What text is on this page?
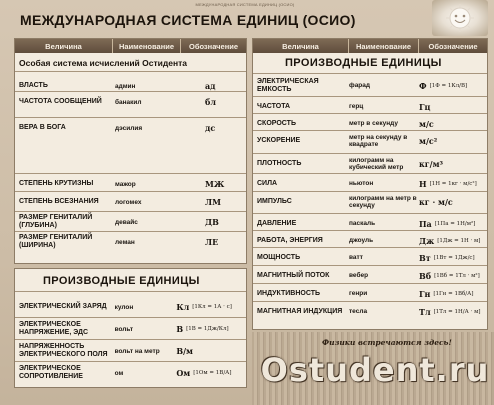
МЕЖДУНАРОДНАЯ СИСТЕМА ЕДИНИЦ (ОСИО)
МЕЖДУНАРОДНАЯ СИСТЕМА ЕДИНИЦ (ОСИО)
Величина	Наименование	Обозначение
Особая система исчислений Остидента
ВЛАСТЬ	админ	ад
ЧАСТОТА СООБЩЕНИЙ	банакил	бл
ВЕРА В БОГА	дэсилия	дс
СТЕПЕНЬ КРУТИЗНЫ	мажор	МЖ
СТЕПЕНЬ ВСЕЗНАНИЯ	логомех	ЛМ
РАЗМЕР ГЕНИТАЛИЙ (ГЛУБИНА)	девайс	ДВ
РАЗМЕР ГЕНИТАЛИЙ (ШИРИНА)	леман	ЛЕ
ПРОИЗВОДНЫЕ ЕДИНИЦЫ
ЭЛЕКТРИЧЕСКИЙ ЗАРЯД	кулон	Кл [1Кл = 1А · с]
ЭЛЕКТРИЧЕСКОЕ НАПРЯЖЕНИЕ, ЭДС	вольт	В [1В = 1Дж/Кл]
НАПРЯЖЕННОСТЬ ЭЛЕКТРИЧЕСКОГО ПОЛЯ	вольт на метр	В/м
ЭЛЕКТРИЧЕСКОЕ СОПРОТИВЛЕНИЕ	ом	Ом [1Ом = 1В/А]
Величина	Наименование	Обозначение
ПРОИЗВОДНЫЕ ЕДИНИЦЫ
ЭЛЕКТРИЧЕСКАЯ ЕМКОСТЬ	фарад	Ф [1Ф = 1Кл/В]
ЧАСТОТА	герц	Гц
СКОРОСТЬ	метр в секунду	м/с
УСКОРЕНИЕ	метр на секунду в квадрате	м/с²
ПЛОТНОСТЬ	килограмм на кубический метр	кг/м³
СИЛА	ньютон	Н [1Н = 1кг · м/с²]
ИМПУЛЬС	килограмм на метр в секунду	кг · м/с
ДАВЛЕНИЕ	паскаль	Па [1Па = 1Н/м²]
РАБОТА, ЭНЕРГИЯ	джоуль	Дж [1Дж = 1Н · м]
МОЩНОСТЬ	ватт	Вт [1Вт = 1Дж/с]
МАГНИТНЫЙ ПОТОК	вебер	Вб [1Вб = 1Тл · м²]
ИНДУКТИВНОСТЬ	генри	Гн [1Гн = 1Вб/А]
МАГНИТНАЯ ИНДУКЦИЯ	тесла	Тл [1Тл = 1Н/А · м]
Физики встречаются здесь!
Ostudent.ru
